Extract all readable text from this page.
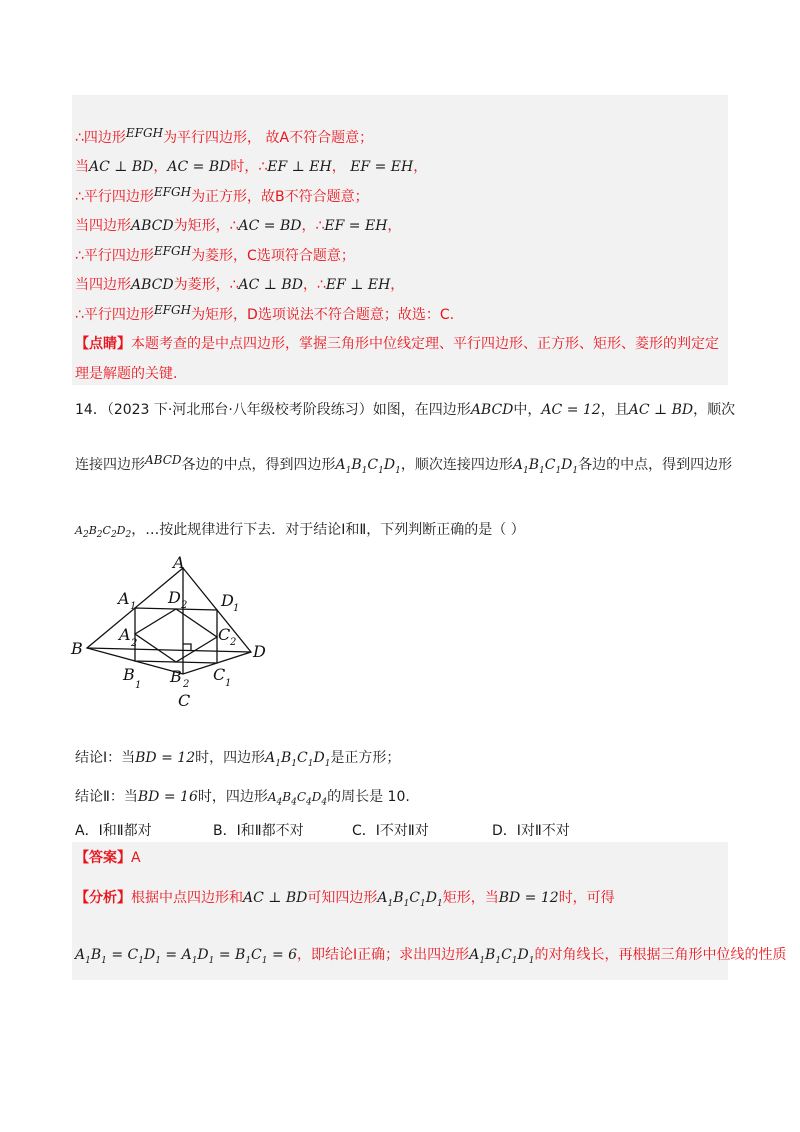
∴四边形EFGH为平行四边形， 故A不符合题意；
当AC ⊥ BD，AC = BD时，∴EF ⊥ EH， EF = EH，
∴平行四边形EFGH为正方形，故B不符合题意；
当四边形ABCD为矩形，∴AC = BD，∴EF = EH，
∴平行四边形EFGH为菱形，C选项符合题意；
当四边形ABCD为菱形，∴AC ⊥ BD，∴EF ⊥ EH，
∴平行四边形EFGH为矩形，D选项说法不符合题意；故选：C.
【点睛】本题考查的是中点四边形，掌握三角形中位线定理、平行四边形、正方形、矩形、菱形的判定定
理是解题的关键.
14．（2023 下·河北邢台·八年级校考阶段练习）如图，在四边形ABCD中，AC = 12，且AC ⊥ BD，顺次
连接四边形ABCD各边的中点，得到四边形$A_1B_1C_1D_1$，顺次连接四边形$A_1B_1C_1D_1$各边的中点，得到四边形
$A_2B_2C_2D_2$，…按此规律进行下去．对于结论Ⅰ和Ⅱ，下列判断正确的是（ ）
A
B
C
D
A 1	D 1
B
1
C 1
A 2
D 2
B 2
C 2
结论Ⅰ：当BD = 12时，四边形$A_1B_1C_1D_1$是正方形；
结论Ⅱ：当BD = 16时，四边形$A_4B_4C_4D_4$的周长是 10.
A．Ⅰ和Ⅱ都对	B．Ⅰ和Ⅱ都不对	C．Ⅰ不对Ⅱ对	D．Ⅰ对Ⅱ不对
【答案】A
【分析】根据中点四边形和AC ⊥ BD可知四边形$A_1B_1C_1D_1$矩形，当BD = 12时，可得
$A_1B_1 = C_1D_1 = A_1D_1 = B_1C_1 = 6$，即结论Ⅰ正确；求出四边形$A_1B_1C_1D_1$的对角线长，再根据三角形中位线的性质
